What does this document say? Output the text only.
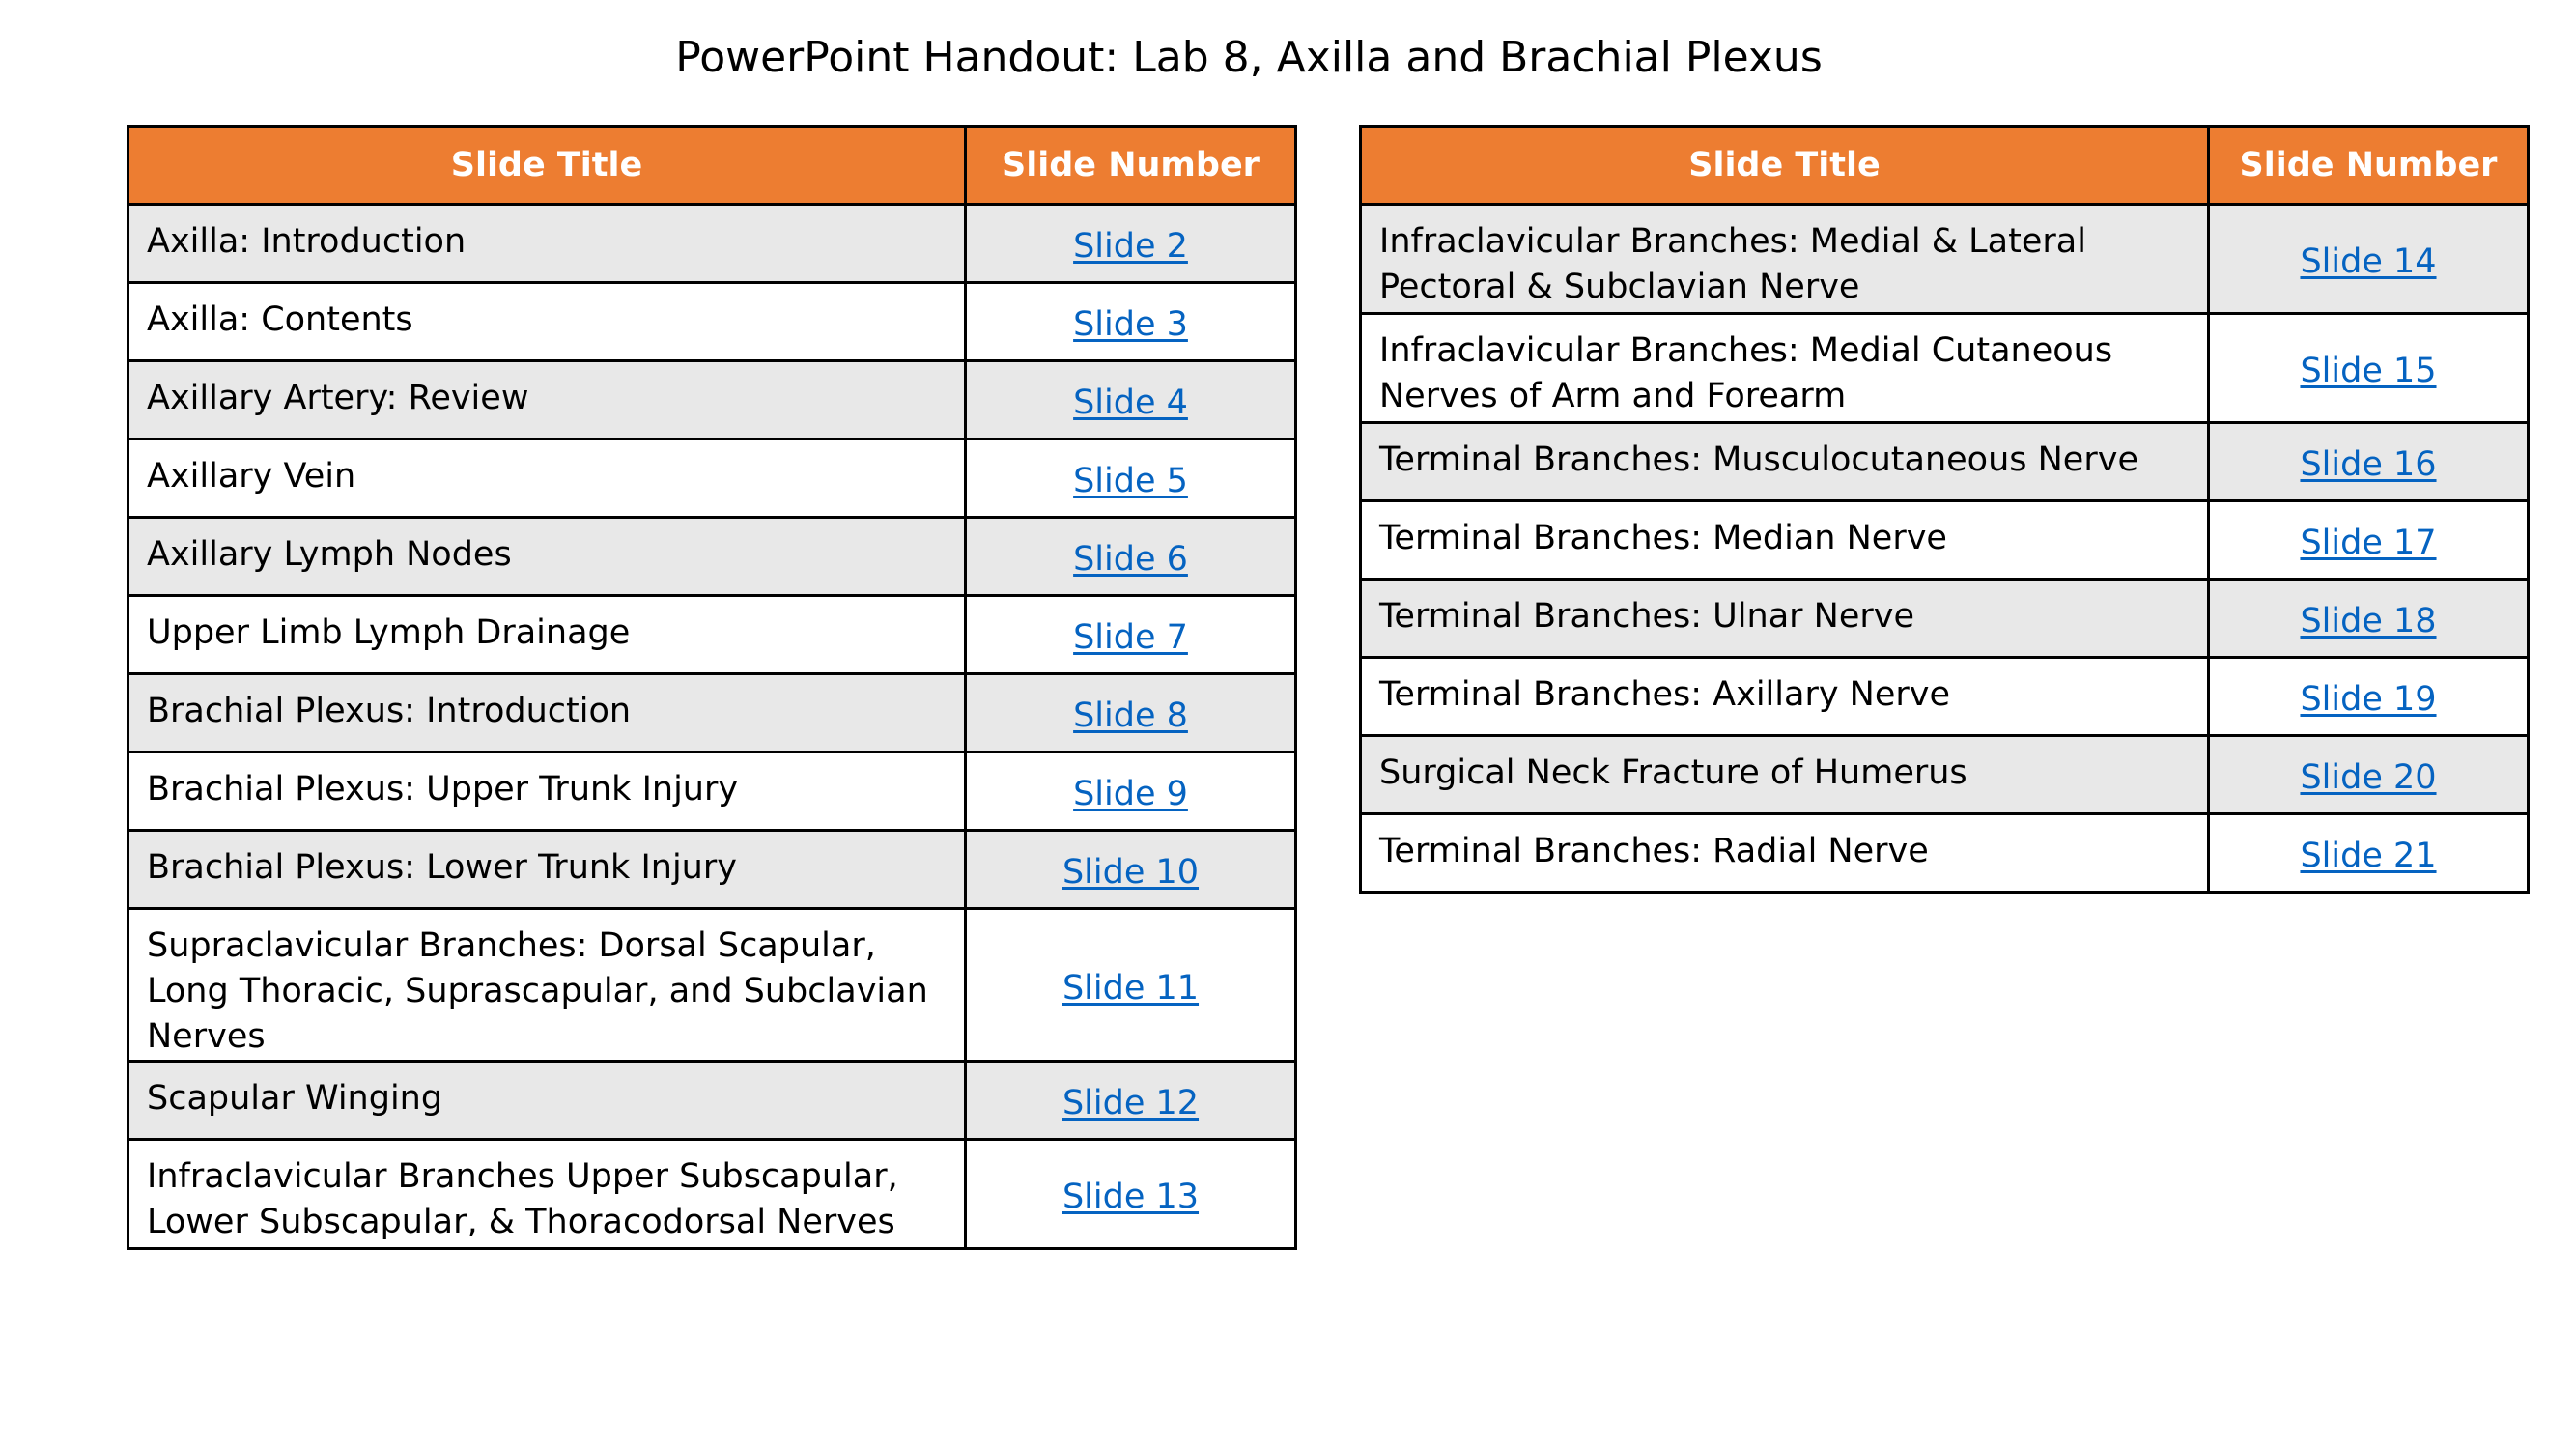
PowerPoint Handout: Lab 8, Axilla and Brachial Plexus
Slide Title	Slide Number
Axilla: Introduction	Slide 2
Axilla: Contents	Slide 3
Axillary Artery: Review	Slide 4
Axillary Vein	Slide 5
Axillary Lymph Nodes	Slide 6
Upper Limb Lymph Drainage	Slide 7
Brachial Plexus: Introduction	Slide 8
Brachial Plexus: Upper Trunk Injury	Slide 9
Brachial Plexus: Lower Trunk Injury	Slide 10
Supraclavicular Branches: Dorsal Scapular, Long Thoracic, Suprascapular, and Subclavian Nerves	Slide 11
Scapular Winging	Slide 12
Infraclavicular Branches Upper Subscapular, Lower Subscapular, & Thoracodorsal Nerves	Slide 13
Slide Title	Slide Number
Infraclavicular Branches: Medial & Lateral Pectoral & Subclavian Nerve	Slide 14
Infraclavicular Branches: Medial Cutaneous Nerves of Arm and Forearm	Slide 15
Terminal Branches: Musculocutaneous Nerve	Slide 16
Terminal Branches: Median Nerve	Slide 17
Terminal Branches: Ulnar Nerve	Slide 18
Terminal Branches: Axillary Nerve	Slide 19
Surgical Neck Fracture of Humerus	Slide 20
Terminal Branches: Radial Nerve	Slide 21
